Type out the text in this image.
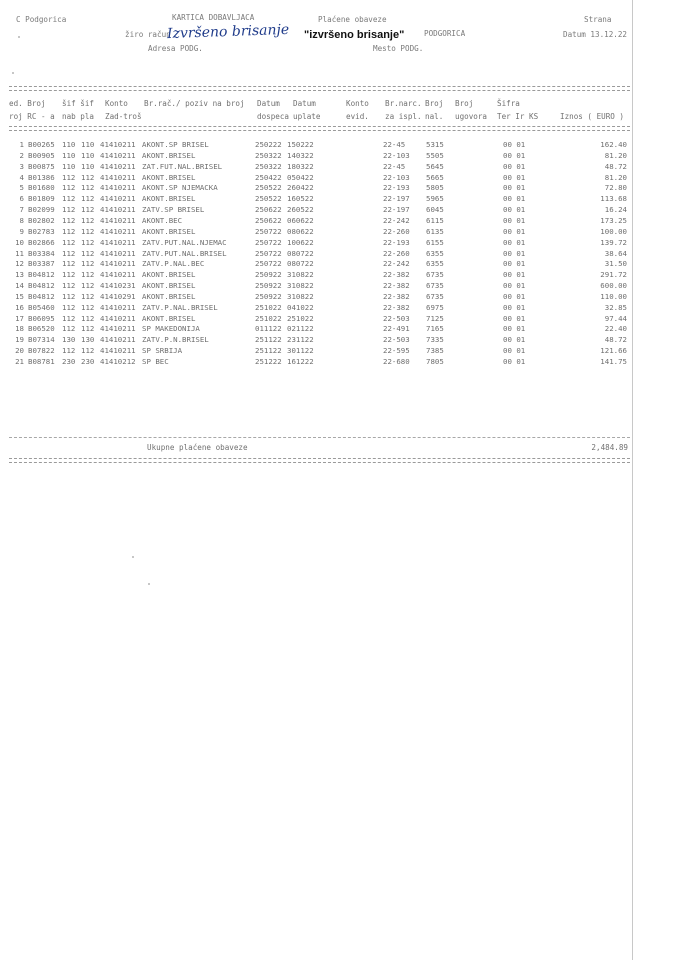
C Podgorica	KARTICA DOBAVLJACA	Plaćene obaveze	Strana
žiro račun
Izvršeno brisanje "izvršeno brisanje"	PODGORICA	Datum 13.12.22
Adresa PODG.	Mesto PODG.
ed. Broj šif šif Konto Br.rač./ poziv na broj Datum Datum	Konto Br.narc. Broj Broj	Šifra
roj RC - a nab pla Zad-troš	dospeca uplate	evid. za ispl. nal. ugovora Ter Ir KS	Iznos ( EURO )
1 B00265 110 110 41410211 AKONT.SP BRISEL	250222 150222	22-45	5315	00 01	162.40
2 B00905 110 110 41410211 AKONT.BRISEL	250322 140322	22-103 5505	00 01	81.20
3 B00875 110 110 41410211 ZAT.FUT.NAL.BRISEL	250322 180322	22-45	5645	00 01	48.72
4 B01386 112 112 41410211 AKONT.BRISEL	250422 050422	22-103 5665	00 01	81.20
5 B01680 112 112 41410211 AKONT.SP NJEMACKA	250522 260422	22-193 5805	00 01	72.80
6 B01809 112 112 41410211 AKONT.BRISEL	250522 160522	22-197 5965	00 01	113.68
7 B02099 112 112 41410211 ZATV.SP BRISEL	250622 260522	22-197 6045	00 01	16.24
8 B02802 112 112 41410211 AKONT.BEC	250622 060622	22-242 6115	00 01	173.25
9 B02783 112 112 41410211 AKONT.BRISEL	250722 080622	22-260 6135	00 01	100.00
10 B02866 112 112 41410211 ZATV.PUT.NAL.NJEMAC	250722 100622	22-193 6155	00 01	139.72
11 B03384 112 112 41410211 ZATV.PUT.NAL.BRISEL	250722 080722	22-260 6355	00 01	38.64
12 B03387 112 112 41410211 ZATV.P.NAL.BEC	250722 080722	22-242 6355	00 01	31.50
13 B04812 112 112 41410211 AKONT.BRISEL	250922 310822	22-382 6735	00 01	291.72
14 B04812 112 112 41410231 AKONT.BRISEL	250922 310822	22-382 6735	00 01	600.00
15 B04812 112 112 41410291 AKONT.BRISEL	250922 310822	22-382 6735	00 01	110.00
16 B05460 112 112 41410211 ZATV.P.NAL.BRISEL	251022 041022	22-382 6975	00 01	32.85
17 B06095 112 112 41410211 AKONT.BRISEL	251022 251022	22-503 7125	00 01	97.44
18 B06520 112 112 41410211 SP MAKEDONIJA	011122 021122	22-491 7165	00 01	22.40
19 B07314 130 130 41410211 ZATV.P.N.BRISEL	251122 231122	22-503 7335	00 01	48.72
20 B07822 112 112 41410211 SP SRBIJA	251122 301122	22-595 7385	00 01	121.66
21 B08781 230 230 41410212 SP BEC	251222 161222	22-680 7805	00 01	141.75
Ukupne plaćene obaveze	2,484.89
